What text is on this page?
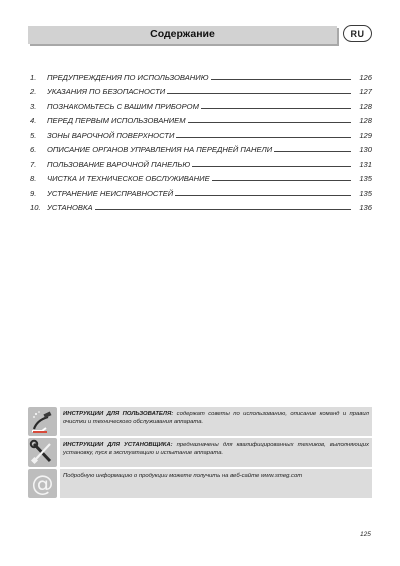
Содержание	RU
1.	ПРЕДУПРЕЖДЕНИЯ ПО ИСПОЛЬЗОВАНИЮ	126
2.	УКАЗАНИЯ ПО БЕЗОПАСНОСТИ	127
3.	ПОЗНАКОМЬТЕСЬ С ВАШИМ ПРИБОРОМ	128
4.	ПЕРЕД ПЕРВЫМ ИСПОЛЬЗОВАНИЕМ	128
5.	ЗОНЫ ВАРОЧНОЙ ПОВЕРХНОСТИ	129
6.	ОПИСАНИЕ ОРГАНОВ УПРАВЛЕНИЯ НА ПЕРЕДНЕЙ ПАНЕЛИ	130
7.	ПОЛЬЗОВАНИЕ ВАРОЧНОЙ ПАНЕЛЬЮ	131
8.	ЧИСТКА И ТЕХНИЧЕСКОЕ ОБСЛУЖИВАНИЕ	135
9.	УСТРАНЕНИЕ НЕИСПРАВНОСТЕЙ	135
10. УСТАНОВКА	136
ИНСТРУКЦИИ ДЛЯ ПОЛЬЗОВАТЕЛЯ: содержат советы по использованию, описание команд и правил очистки и технического обслуживания аппарата.
ИНСТРУКЦИИ ДЛЯ УСТАНОВЩИКА: предназначены для квалифицированных техников, выполняющих установку, пуск в эксплуатацию и испытание аппарата.
@ Подробную информацию о продукции можете получить на веб-сайте www.smeg.com
125
